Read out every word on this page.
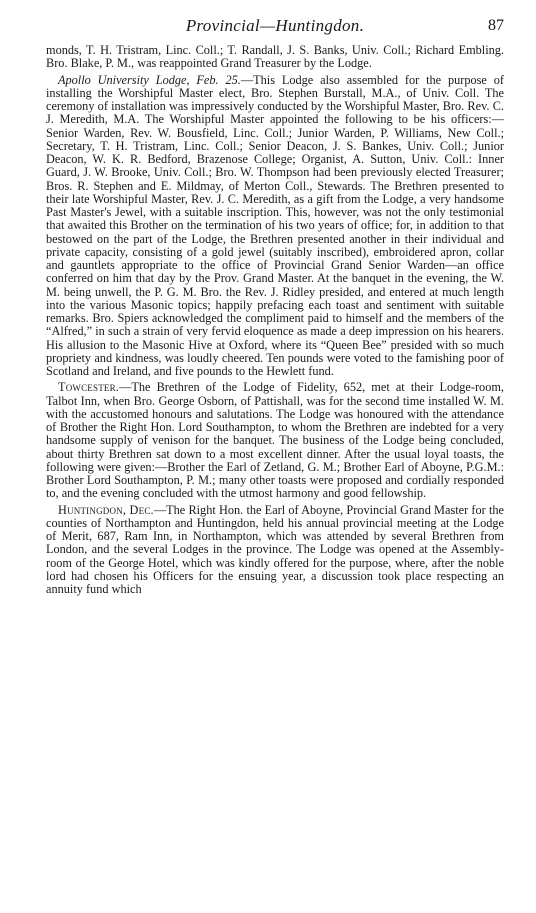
Provincial—Huntingdon.	87

monds, T. H. Tristram, Linc. Coll.; T. Randall, J. S. Banks, Univ. Coll.; Richard Embling. Bro. Blake, P. M., was reappointed Grand Treasurer by the Lodge.

Apollo University Lodge, Feb. 25.—This Lodge also assembled for the purpose of installing the Worshipful Master elect, Bro. Stephen Burstall, M.A., of Univ. Coll. The ceremony of installation was impressively conducted by the Worshipful Master, Bro. Rev. C. J. Meredith, M.A. The Worshipful Master appointed the following to be his officers:—Senior Warden, Rev. W. Bousfield, Linc. Coll.; Junior Warden, P. Williams, New Coll.; Secretary, T. H. Tristram, Linc. Coll.; Senior Deacon, J. S. Bankes, Univ. Coll.; Junior Deacon, W. K. R. Bedford, Brazenose College; Organist, A. Sutton, Univ. Coll.: Inner Guard, J. W. Brooke, Univ. Coll.; Bro. W. Thompson had been previously elected Treasurer; Bros. R. Stephen and E. Mildmay, of Merton Coll., Stewards. The Brethren presented to their late Worshipful Master, Rev. J. C. Meredith, as a gift from the Lodge, a very handsome Past Master's Jewel, with a suitable inscription. This, however, was not the only testimonial that awaited this Brother on the termination of his two years of office; for, in addition to that bestowed on the part of the Lodge, the Brethren presented another in their individual and private capacity, consisting of a gold jewel (suitably inscribed), embroidered apron, collar and gauntlets appropriate to the office of Provincial Grand Senior Warden—an office conferred on him that day by the Prov. Grand Master. At the banquet in the evening, the W. M. being unwell, the P. G. M. Bro. the Rev. J. Ridley presided, and entered at much length into the various Masonic topics; happily prefacing each toast and sentiment with suitable remarks. Bro. Spiers acknowledged the compliment paid to himself and the members of the “Alfred,” in such a strain of very fervid eloquence as made a deep impression on his hearers. His allusion to the Masonic Hive at Oxford, where its “Queen Bee” presided with so much propriety and kindness, was loudly cheered. Ten pounds were voted to the famishing poor of Scotland and Ireland, and five pounds to the Hewlett fund.

Towcester.—The Brethren of the Lodge of Fidelity, 652, met at their Lodge-room, Talbot Inn, when Bro. George Osborn, of Pattishall, was for the second time installed W. M. with the accustomed honours and salutations. The Lodge was honoured with the attendance of Brother the Right Hon. Lord Southampton, to whom the Brethren are indebted for a very handsome supply of venison for the banquet. The business of the Lodge being concluded, about thirty Brethren sat down to a most excellent dinner. After the usual loyal toasts, the following were given:—Brother the Earl of Zetland, G. M.; Brother Earl of Aboyne, P.G.M.: Brother Lord Southampton, P. M.; many other toasts were proposed and cordially responded to, and the evening concluded with the utmost harmony and good fellowship.

Huntingdon, Dec.—The Right Hon. the Earl of Aboyne, Provincial Grand Master for the counties of Northampton and Huntingdon, held his annual provincial meeting at the Lodge of Merit, 687, Ram Inn, in Northampton, which was attended by several Brethren from London, and the several Lodges in the province. The Lodge was opened at the Assembly-room of the George Hotel, which was kindly offered for the purpose, where, after the noble lord had chosen his Officers for the ensuing year, a discussion took place respecting an annuity fund which
